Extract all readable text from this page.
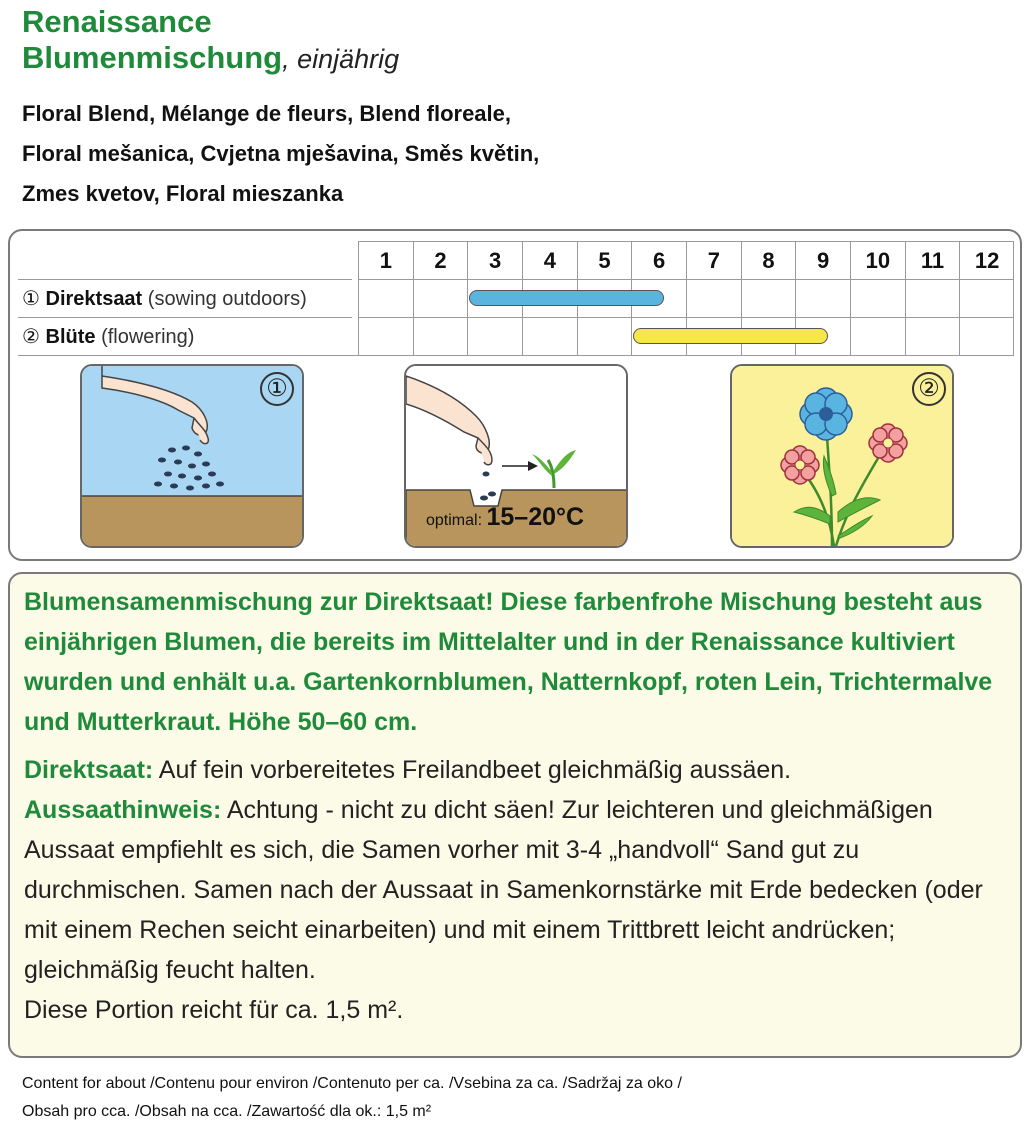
Renaissance
Blumenmischung, einjährig
Floral Blend, Mélange de fleurs, Blend floreale,
Floral mešanica, Cvjetna mješavina, Směs květin,
Zmes kvetov, Floral mieszanka
1	2	3	4	5	6	7	8	9	10	11	12
① Direktsaat (sowing outdoors)
② Blüte (flowering)
①
optimal: 15–20°C
②
Blumensamenmischung zur Direktsaat! Diese farbenfrohe Mischung besteht aus einjährigen Blumen, die bereits im Mittelalter und in der Renaissance kultiviert wurden und enhält u.a. Gartenkornblumen, Natternkopf, roten Lein, Trichtermalve und Mutterkraut. Höhe 50–60 cm.
Direktsaat: Auf fein vorbereitetes Freilandbeet gleichmäßig aussäen.
Aussaathinweis: Achtung - nicht zu dicht säen! Zur leichteren und gleichmäßigen Aussaat empfiehlt es sich, die Samen vorher mit 3-4 „handvoll“ Sand gut zu durchmischen. Samen nach der Aussaat in Samenkornstärke mit Erde bedecken (oder mit einem Rechen seicht einarbeiten) und mit einem Trittbrett leicht andrücken; gleichmäßig feucht halten.
Diese Portion reicht für ca. 1,5 m².
Content for about /Contenu pour environ /Contenuto per ca. /Vsebina za ca. /Sadržaj za oko /
Obsah pro cca. /Obsah na cca. /Zawartość dla ok.: 1,5 m²
